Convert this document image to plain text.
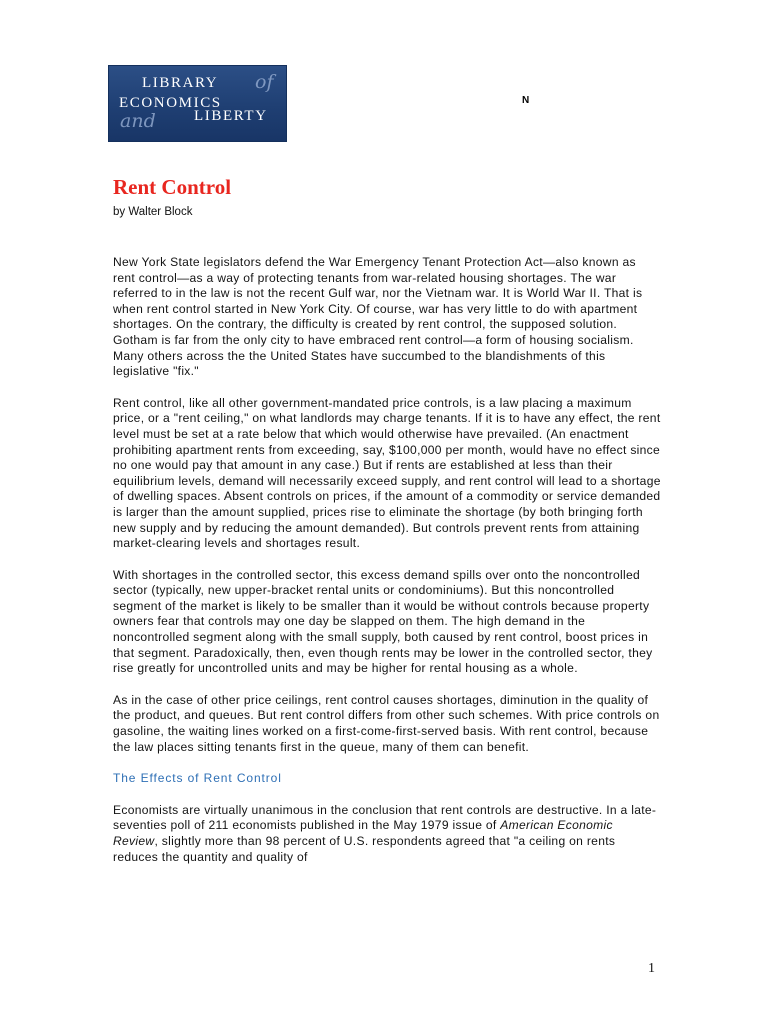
LIBRARY of
ECONOMICS
and	LIBERTY
N
Rent Control

by Walter Block

New York State legislators defend the War Emergency Tenant Protection Act—also known as rent control—as a way of protecting tenants from war-related housing shortages. The war referred to in the law is not the recent Gulf war, nor the Vietnam war. It is World War II. That is when rent control started in New York City. Of course, war has very little to do with apartment shortages. On the contrary, the difficulty is created by rent control, the supposed solution. Gotham is far from the only city to have embraced rent control—a form of housing socialism. Many others across the the United States have succumbed to the blandishments of this legislative "fix."

Rent control, like all other government-mandated price controls, is a law placing a maximum price, or a "rent ceiling," on what landlords may charge tenants. If it is to have any effect, the rent level must be set at a rate below that which would otherwise have prevailed. (An enactment prohibiting apartment rents from exceeding, say, $100,000 per month, would have no effect since no one would pay that amount in any case.) But if rents are established at less than their equilibrium levels, demand will necessarily exceed supply, and rent control will lead to a shortage of dwelling spaces. Absent controls on prices, if the amount of a commodity or service demanded is larger than the amount supplied, prices rise to eliminate the shortage (by both bringing forth new supply and by reducing the amount demanded). But controls prevent rents from attaining market-clearing levels and shortages result.

With shortages in the controlled sector, this excess demand spills over onto the noncontrolled sector (typically, new upper-bracket rental units or condominiums). But this noncontrolled segment of the market is likely to be smaller than it would be without controls because property owners fear that controls may one day be slapped on them. The high demand in the noncontrolled segment along with the small supply, both caused by rent control, boost prices in that segment. Paradoxically, then, even though rents may be lower in the controlled sector, they rise greatly for uncontrolled units and may be higher for rental housing as a whole.

As in the case of other price ceilings, rent control causes shortages, diminution in the quality of the product, and queues. But rent control differs from other such schemes. With price controls on gasoline, the waiting lines worked on a first-come-first-served basis. With rent control, because the law places sitting tenants first in the queue, many of them can benefit.

The Effects of Rent Control

Economists are virtually unanimous in the conclusion that rent controls are destructive. In a late-seventies poll of 211 economists published in the May 1979 issue of American Economic Review, slightly more than 98 percent of U.S. respondents agreed that "a ceiling on rents reduces the quantity and quality of

1
